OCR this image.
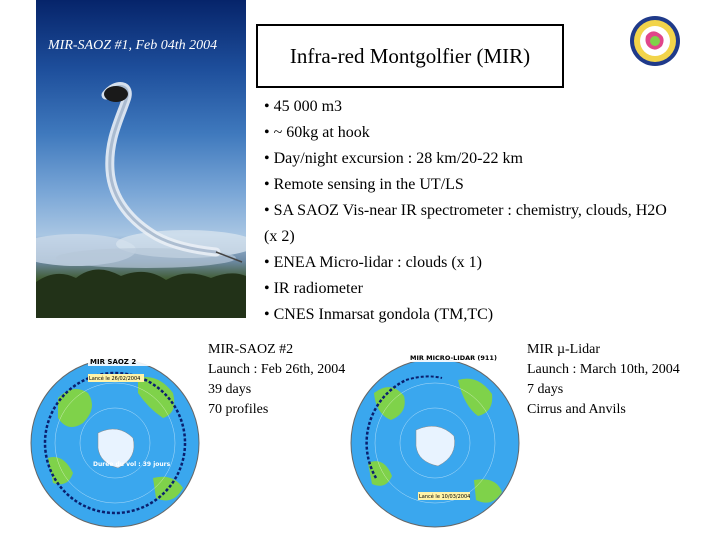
MIR-SAOZ #1, Feb 04th 2004	Infra-red Montgolfier (MIR)
• 45 000 m3
• ~ 60kg at hook
• Day/night excursion : 28 km/20-22 km
• Remote sensing in the UT/LS
• SA SAOZ Vis-near IR spectrometer : chemistry, clouds, H2O (x 2)
• ENEA Micro-lidar : clouds (x 1)
• IR radiometer
• CNES Inmarsat gondola (TM,TC)
MIR SAOZ 2
Lancé le 26/02/2004
Durée du vol : 39 jours
MIR-SAOZ #2
Launch : Feb 26th, 2004
39 days
70 profiles
MIR MICRO-LIDAR (911)
Lancé le 10/03/2004
MIR µ-Lidar
Launch : March 10th, 2004
7 days
Cirrus and Anvils
